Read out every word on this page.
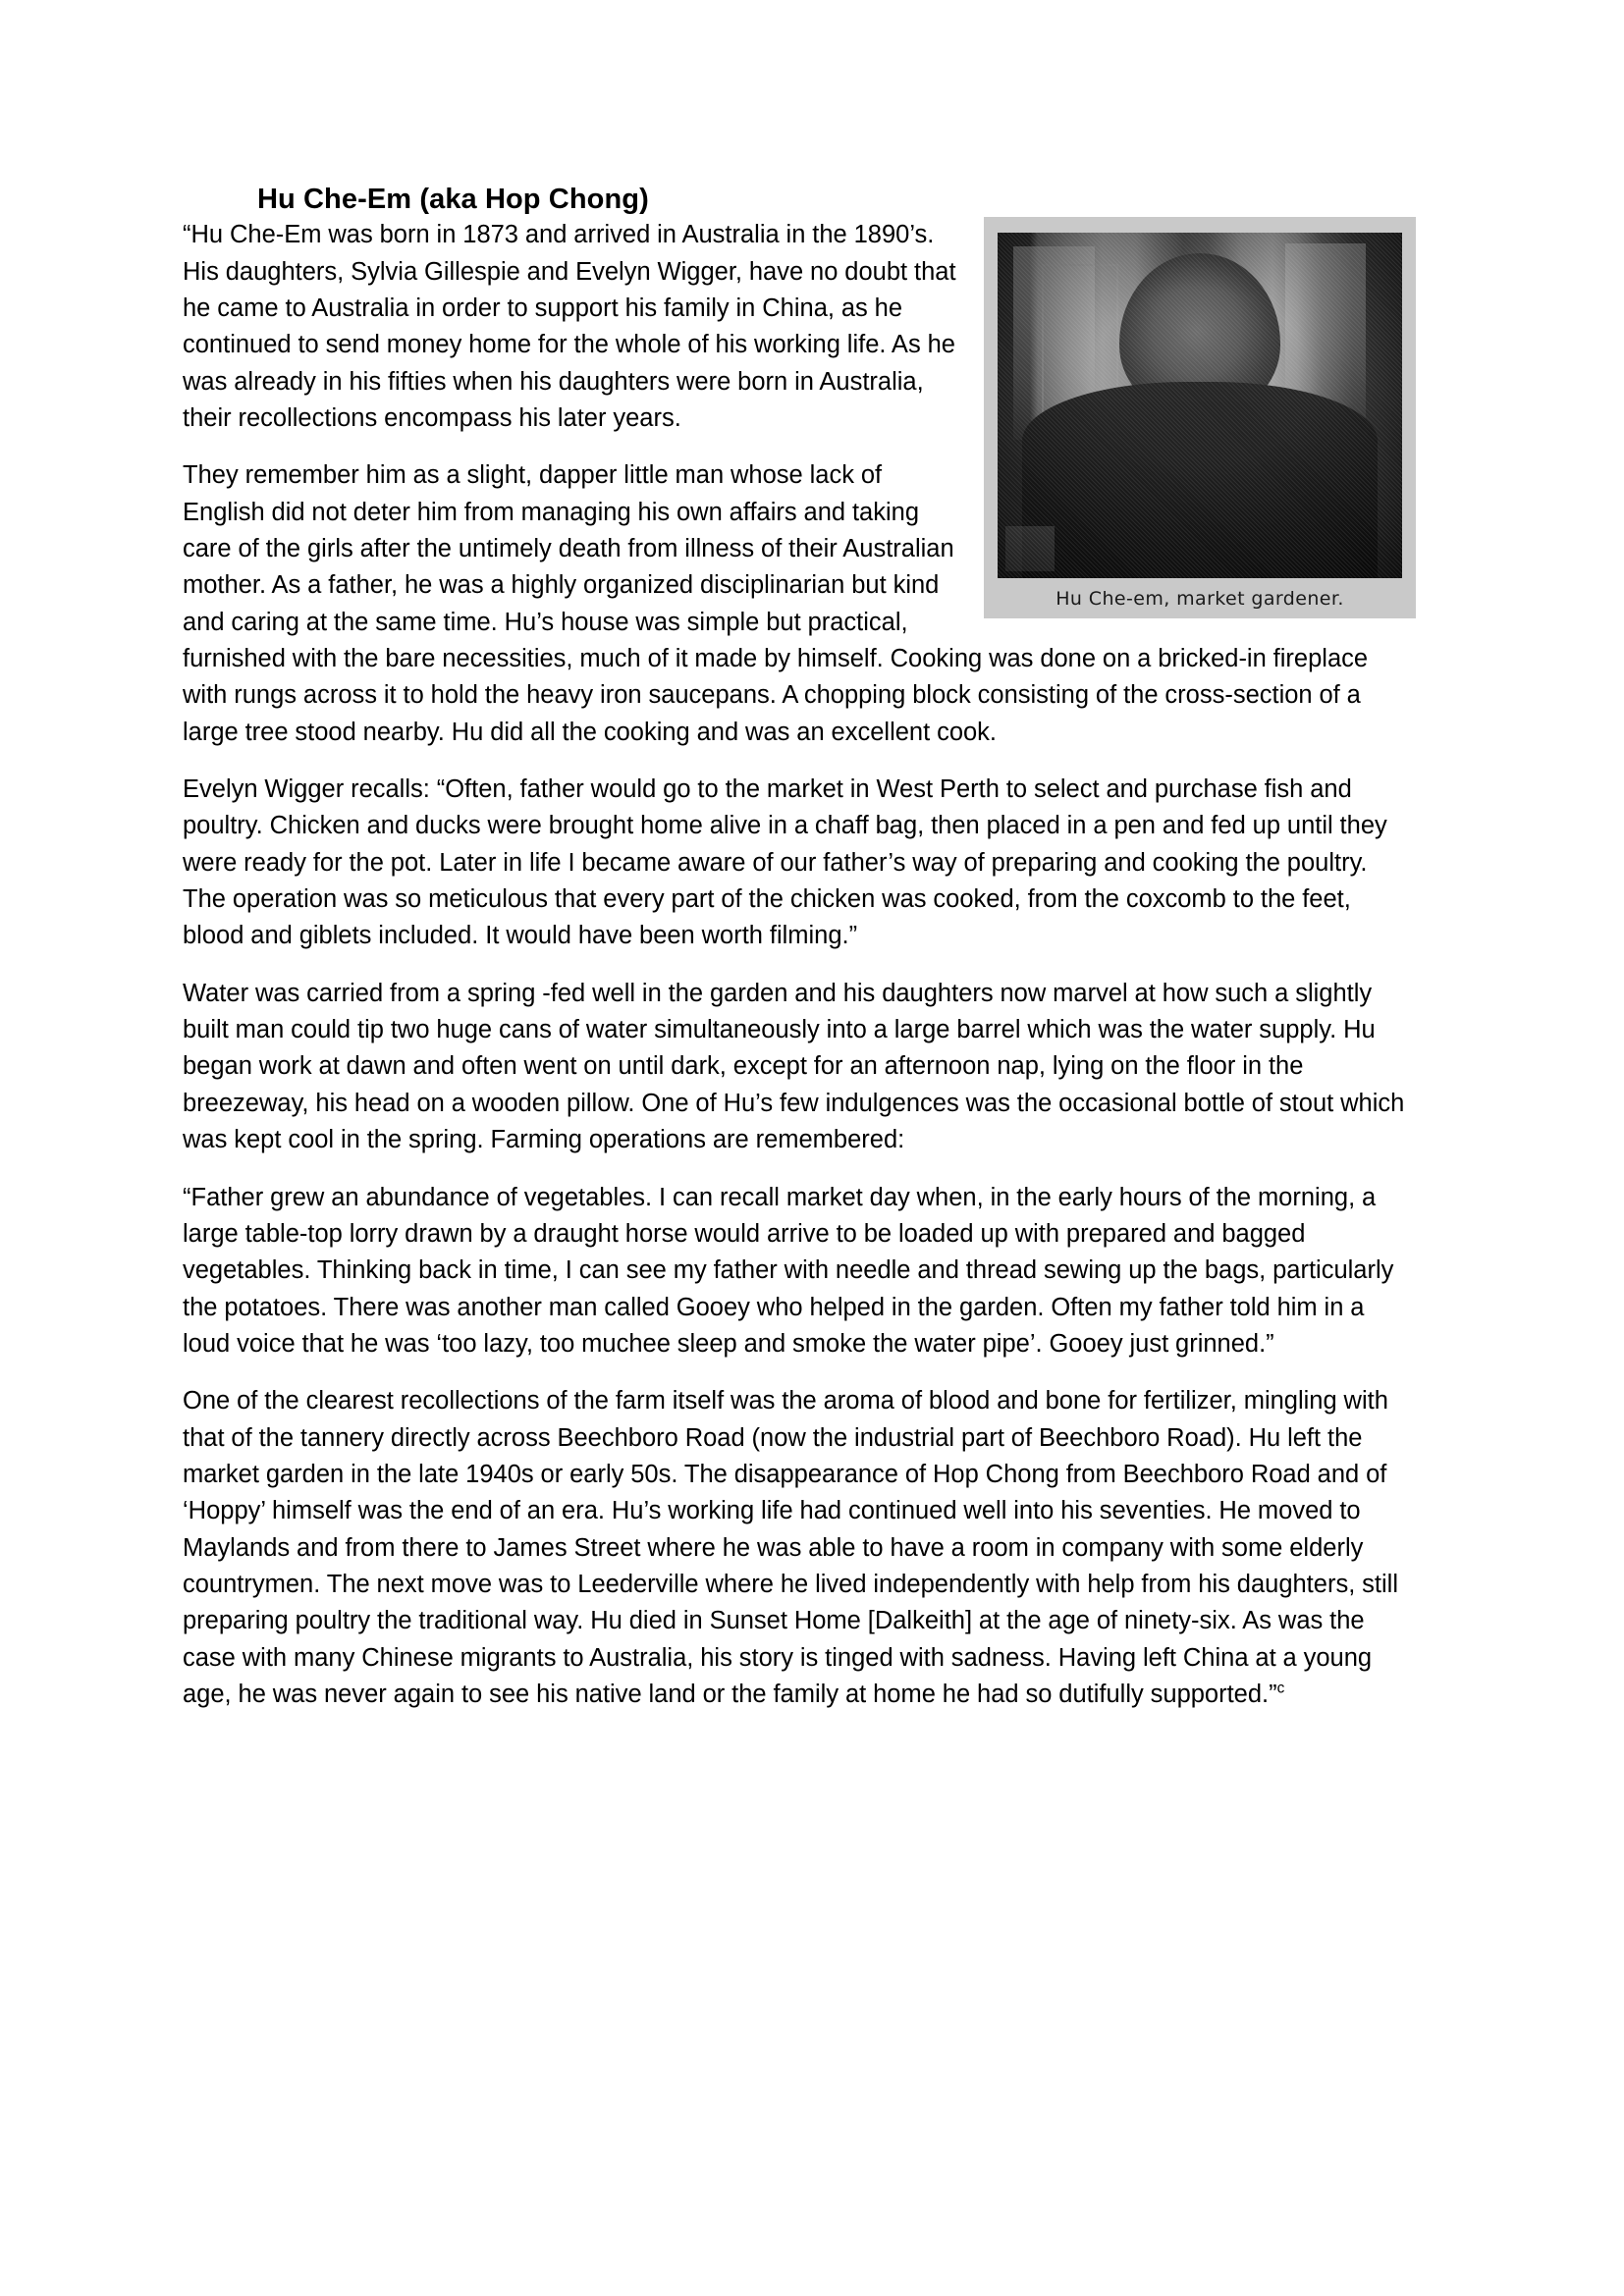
Hu Che-Em (aka Hop Chong)
Hu Che-em, market gardener.

“Hu Che-Em was born in 1873 and arrived in Australia in the 1890’s. His daughters, Sylvia Gillespie and Evelyn Wigger, have no doubt that he came to Australia in order to support his family in China, as he continued to send money home for the whole of his working life. As he was already in his fifties when his daughters were born in Australia, their recollections encompass his later years.

They remember him as a slight, dapper little man whose lack of English did not deter him from managing his own affairs and taking care of the girls after the untimely death from illness of their Australian mother. As a father, he was a highly organized disciplinarian but kind and caring at the same time. Hu’s house was simple but practical, furnished with the bare necessities, much of it made by himself. Cooking was done on a bricked-in fireplace with rungs across it to hold the heavy iron saucepans. A chopping block consisting of the cross-section of a large tree stood nearby. Hu did all the cooking and was an excellent cook.

Evelyn Wigger recalls: “Often, father would go to the market in West Perth to select and purchase fish and poultry. Chicken and ducks were brought home alive in a chaff bag, then placed in a pen and fed up until they were ready for the pot. Later in life I became aware of our father’s way of preparing and cooking the poultry. The operation was so meticulous that every part of the chicken was cooked, from the coxcomb to the feet, blood and giblets included. It would have been worth filming.”

Water was carried from a spring -fed well in the garden and his daughters now marvel at how such a slightly built man could tip two huge cans of water simultaneously into a large barrel which was the water supply. Hu began work at dawn and often went on until dark, except for an afternoon nap, lying on the floor in the breezeway, his head on a wooden pillow. One of Hu’s few indulgences was the occasional bottle of stout which was kept cool in the spring. Farming operations are remembered:

“Father grew an abundance of vegetables. I can recall market day when, in the early hours of the morning, a large table-top lorry drawn by a draught horse would arrive to be loaded up with prepared and bagged vegetables. Thinking back in time, I can see my father with needle and thread sewing up the bags, particularly the potatoes. There was another man called Gooey who helped in the garden. Often my father told him in a loud voice that he was ‘too lazy, too muchee sleep and smoke the water pipe’. Gooey just grinned.”

One of the clearest recollections of the farm itself was the aroma of blood and bone for fertilizer, mingling with that of the tannery directly across Beechboro Road (now the industrial part of Beechboro Road). Hu left the market garden in the late 1940s or early 50s. The disappearance of Hop Chong from Beechboro Road and of ‘Hoppy’ himself was the end of an era. Hu’s working life had continued well into his seventies. He moved to Maylands and from there to James Street where he was able to have a room in company with some elderly countrymen. The next move was to Leederville where he lived independently with help from his daughters, still preparing poultry the traditional way. Hu died in Sunset Home [Dalkeith] at the age of ninety-six. As was the case with many Chinese migrants to Australia, his story is tinged with sadness. Having left China at a young age, he was never again to see his native land or the family at home he had so dutifully supported.”$^c$
